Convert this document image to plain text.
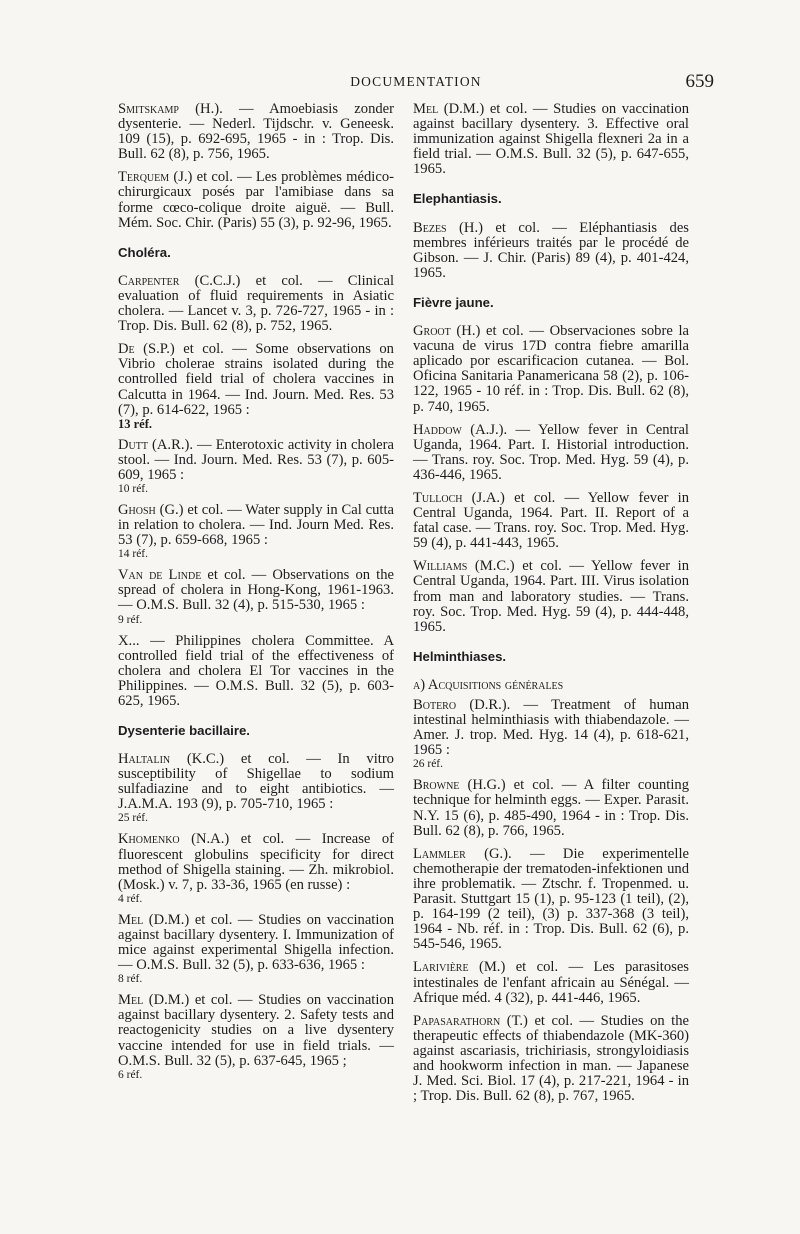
DOCUMENTATION	659
Smitskamp (H.). — Amoebiasis zonder dysenterie. — Nederl. Tijdschr. v. Geneesk. 109 (15), p. 692-695, 1965 - in : Trop. Dis. Bull. 62 (8), p. 756, 1965.
Terquem (J.) et col. — Les problèmes médico-chirurgicaux posés par l'amibiase dans sa forme cœco-colique droite aiguë. — Bull. Mém. Soc. Chir. (Paris) 55 (3), p. 92-96, 1965.
Choléra.
Carpenter (C.C.J.) et col. — Clinical evaluation of fluid requirements in Asiatic cholera. — Lancet v. 3, p. 726-727, 1965 - in : Trop. Dis. Bull. 62 (8), p. 752, 1965.
De (S.P.) et col. — Some observations on Vibrio cholerae strains isolated during the controlled field trial of cholera vaccines in Calcutta in 1964. — Ind. Journ. Med. Res. 53 (7), p. 614-622, 1965 :
13 réf.
Dutt (A.R.). — Enterotoxic activity in cholera stool. — Ind. Journ. Med. Res. 53 (7), p. 605-609, 1965 :
10 réf.
Ghosh (G.) et col. — Water supply in Cal cutta in relation to cholera. — Ind. Journ Med. Res. 53 (7), p. 659-668, 1965 :
14 réf.
Van de Linde et col. — Observations on the spread of cholera in Hong-Kong, 1961-1963. — O.M.S. Bull. 32 (4), p. 515-530, 1965 :
9 réf.
X... — Philippines cholera Committee. A controlled field trial of the effectiveness of cholera and cholera El Tor vaccines in the Philippines. — O.M.S. Bull. 32 (5), p. 603-625, 1965.
Dysenterie bacillaire.
Haltalin (K.C.) et col. — In vitro susceptibility of Shigellae to sodium sulfadiazine and to eight antibiotics. — J.A.M.A. 193 (9), p. 705-710, 1965 :
25 réf.
Khomenko (N.A.) et col. — Increase of fluorescent globulins specificity for direct method of Shigella staining. — Zh. mikrobiol. (Mosk.) v. 7, p. 33-36, 1965 (en russe) :
4 réf.
Mel (D.M.) et col. — Studies on vaccination against bacillary dysentery. I. Immunization of mice against experimental Shigella infection. — O.M.S. Bull. 32 (5), p. 633-636, 1965 :
8 réf.
Mel (D.M.) et col. — Studies on vaccination against bacillary dysentery. 2. Safety tests and reactogenicity studies on a live dysentery vaccine intended for use in field trials. — O.M.S. Bull. 32 (5), p. 637-645, 1965 ;
6 réf.
Mel (D.M.) et col. — Studies on vaccination against bacillary dysentery. 3. Effective oral immunization against Shigella flexneri 2a in a field trial. — O.M.S. Bull. 32 (5), p. 647-655, 1965.
Elephantiasis.
Bezes (H.) et col. — Eléphantiasis des membres inférieurs traités par le procédé de Gibson. — J. Chir. (Paris) 89 (4), p. 401-424, 1965.
Fièvre jaune.
Groot (H.) et col. — Observaciones sobre la vacuna de virus 17D contra fiebre amarilla aplicado por escarificacion cutanea. — Bol. Oficina Sanitaria Panamericana 58 (2), p. 106-122, 1965 - 10 réf. in : Trop. Dis. Bull. 62 (8), p. 740, 1965.
Haddow (A.J.). — Yellow fever in Central Uganda, 1964. Part. I. Historial introduction. — Trans. roy. Soc. Trop. Med. Hyg. 59 (4), p. 436-446, 1965.
Tulloch (J.A.) et col. — Yellow fever in Central Uganda, 1964. Part. II. Report of a fatal case. — Trans. roy. Soc. Trop. Med. Hyg. 59 (4), p. 441-443, 1965.
Williams (M.C.) et col. — Yellow fever in Central Uganda, 1964. Part. III. Virus isolation from man and laboratory studies. — Trans. roy. Soc. Trop. Med. Hyg. 59 (4), p. 444-448, 1965.
Helminthiases.
a) Acquisitions générales
Botero (D.R.). — Treatment of human intestinal helminthiasis with thiabendazole. — Amer. J. trop. Med. Hyg. 14 (4), p. 618-621, 1965 :
26 réf.
Browne (H.G.) et col. — A filter counting technique for helminth eggs. — Exper. Parasit. N.Y. 15 (6), p. 485-490, 1964 - in : Trop. Dis. Bull. 62 (8), p. 766, 1965.
Lammler (G.). — Die experimentelle chemotherapie der trematoden-infektionen und ihre problematik. — Ztschr. f. Tropenmed. u. Parasit. Stuttgart 15 (1), p. 95-123 (1 teil), (2), p. 164-199 (2 teil), (3) p. 337-368 (3 teil), 1964 - Nb. réf. in : Trop. Dis. Bull. 62 (6), p. 545-546, 1965.
Larivière (M.) et col. — Les parasitoses intestinales de l'enfant africain au Sénégal. — Afrique méd. 4 (32), p. 441-446, 1965.
Papasarathorn (T.) et col. — Studies on the therapeutic effects of thiabendazole (MK-360) against ascariasis, trichiriasis, strongyloidiasis and hookworm infection in man. — Japanese J. Med. Sci. Biol. 17 (4), p. 217-221, 1964 - in ; Trop. Dis. Bull. 62 (8), p. 767, 1965.
